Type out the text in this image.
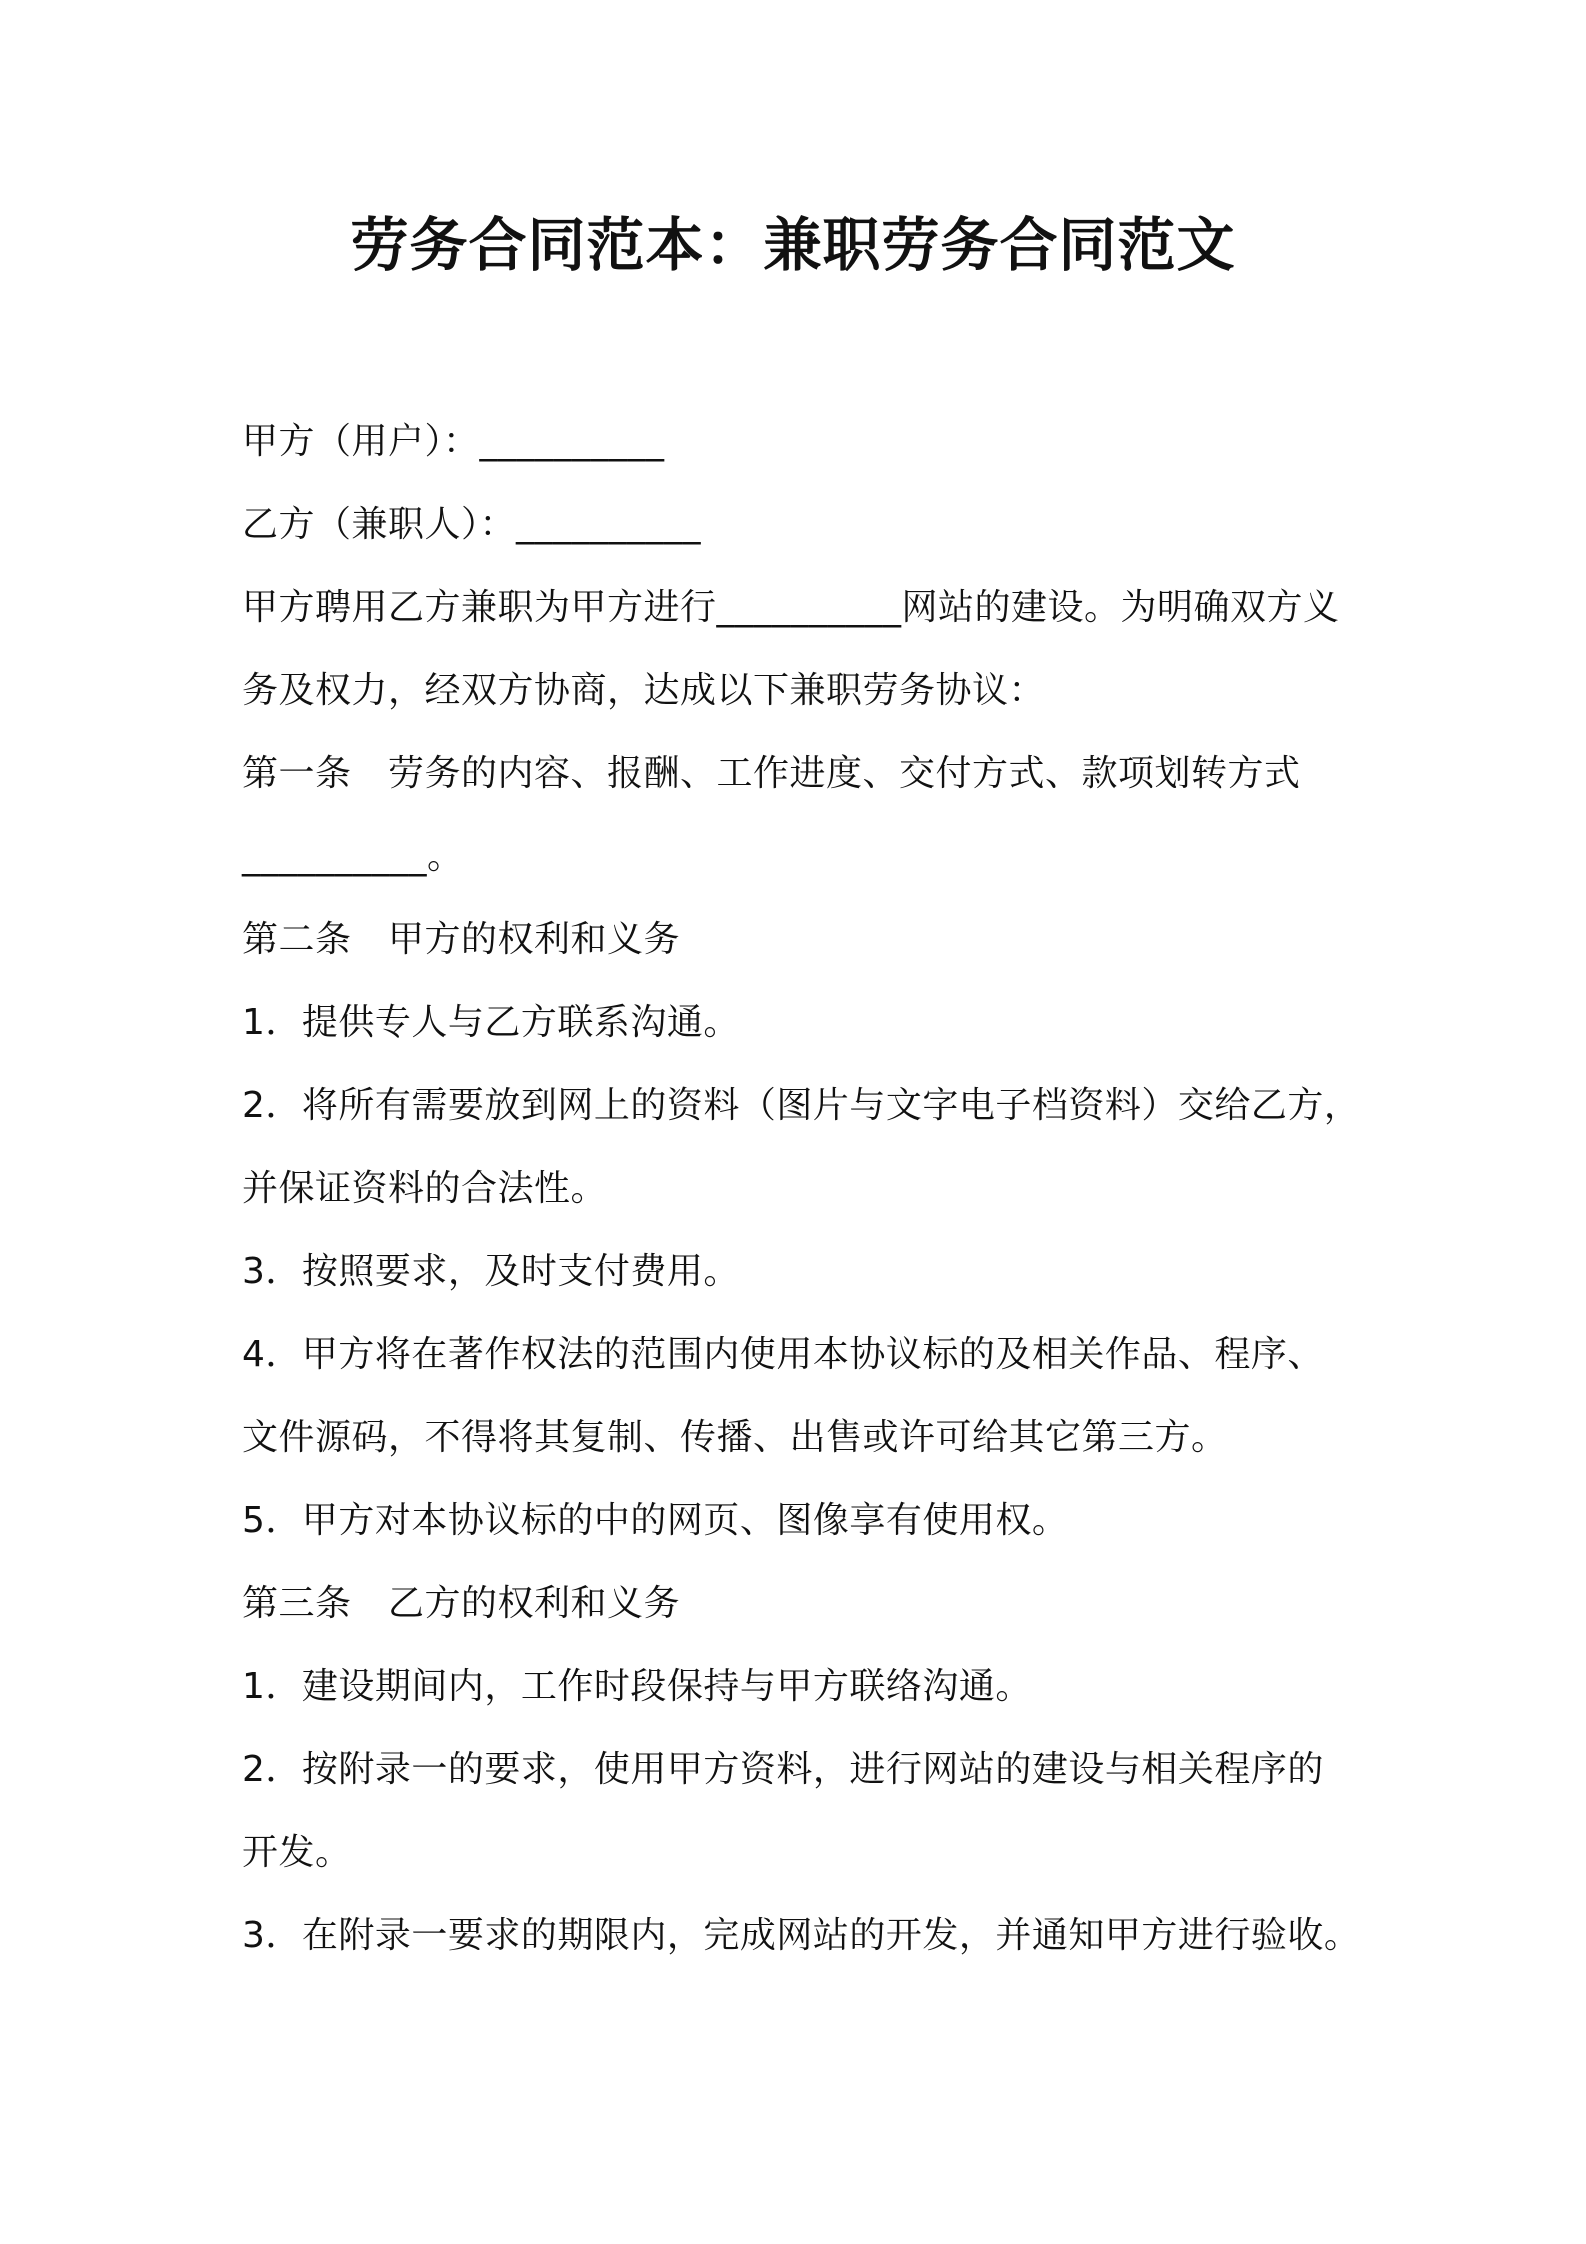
劳务合同范本：兼职劳务合同范文

甲方（用户）：__________

乙方（兼职人）：__________

甲方聘用乙方兼职为甲方进行__________网站的建设。为明确双方义

务及权力，经双方协商，达成以下兼职劳务协议：

第一条　劳务的内容、报酬、工作进度、交付方式、款项划转方式

__________。

第二条　甲方的权利和义务

1．提供专人与乙方联系沟通。

2．将所有需要放到网上的资料（图片与文字电子档资料）交给乙方，

并保证资料的合法性。

3．按照要求，及时支付费用。

4．甲方将在著作权法的范围内使用本协议标的及相关作品、程序、

文件源码，不得将其复制、传播、出售或许可给其它第三方。

5．甲方对本协议标的中的网页、图像享有使用权。

第三条　乙方的权利和义务

1．建设期间内，工作时段保持与甲方联络沟通。

2．按附录一的要求，使用甲方资料，进行网站的建设与相关程序的

开发。

3．在附录一要求的期限内，完成网站的开发，并通知甲方进行验收。
